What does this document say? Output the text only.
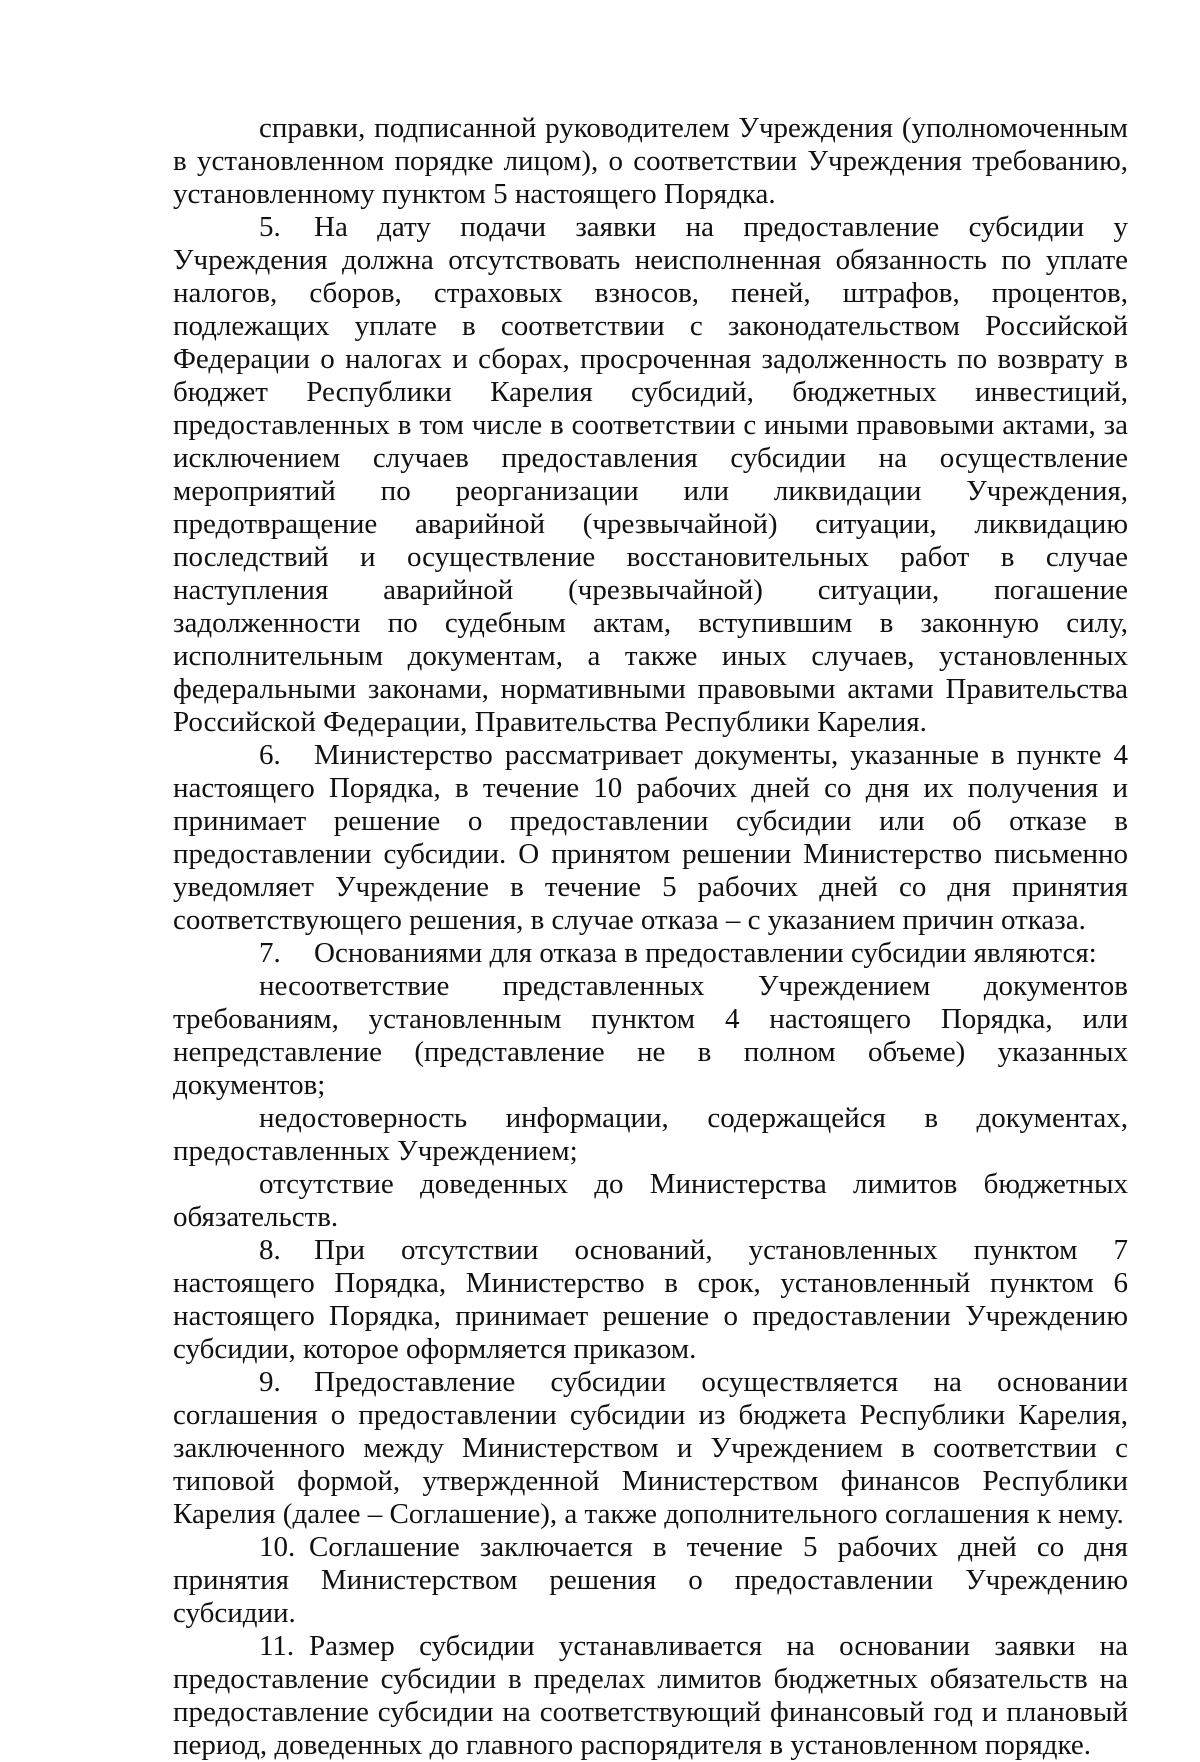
справки, подписанной руководителем Учреждения (уполномоченным в установленном порядке лицом), о соответствии Учреждения требованию, установленному пунктом 5 настоящего Порядка.

5. На дату подачи заявки на предоставление субсидии у Учреждения должна отсутствовать неисполненная обязанность по уплате налогов, сборов, страховых взносов, пеней, штрафов, процентов, подлежащих уплате в соответствии с законодательством Российской Федерации о налогах и сборах, просроченная задолженность по возврату в бюджет Республики Карелия субсидий, бюджетных инвестиций, предоставленных в том числе в соответствии с иными правовыми актами, за исключением случаев предоставления субсидии на осуществление мероприятий по реорганизации или ликвидации Учреждения, предотвращение аварийной (чрезвычайной) ситуации, ликвидацию последствий и осуществление восстановительных работ в случае наступления аварийной (чрезвычайной) ситуации, погашение задолженности по судебным актам, вступившим в законную силу, исполнительным документам, а также иных случаев, установленных федеральными законами, нормативными правовыми актами Правительства Российской Федерации, Правительства Республики Карелия.

6. Министерство рассматривает документы, указанные в пункте 4 настоящего Порядка, в течение 10 рабочих дней со дня их получения и принимает решение о предоставлении субсидии или об отказе в предоставлении субсидии. О принятом решении Министерство письменно уведомляет Учреждение в течение 5 рабочих дней со дня принятия соответствующего решения, в случае отказа – с указанием причин отказа.

7. Основаниями для отказа в предоставлении субсидии являются:

несоответствие представленных Учреждением документов требованиям, установленным пунктом 4 настоящего Порядка, или непредставление (представление не в полном объеме) указанных документов;

недостоверность информации, содержащейся в документах, предоставленных Учреждением;

отсутствие доведенных до Министерства лимитов бюджетных обязательств.

8. При отсутствии оснований, установленных пунктом 7 настоящего Порядка, Министерство в срок, установленный пунктом 6 настоящего Порядка, принимает решение о предоставлении Учреждению субсидии, которое оформляется приказом.

9. Предоставление субсидии осуществляется на основании соглашения о предоставлении субсидии из бюджета Республики Карелия, заключенного между Министерством и Учреждением в соответствии с типовой формой, утвержденной Министерством финансов Республики Карелия (далее – Соглашение), а также дополнительного соглашения к нему.

10. Соглашение заключается в течение 5 рабочих дней со дня принятия Министерством решения о предоставлении Учреждению субсидии.

11. Размер субсидии устанавливается на основании заявки на предоставление субсидии в пределах лимитов бюджетных обязательств на предоставление субсидии на соответствующий финансовый год и плановый период, доведенных до главного распорядителя в установленном порядке.
